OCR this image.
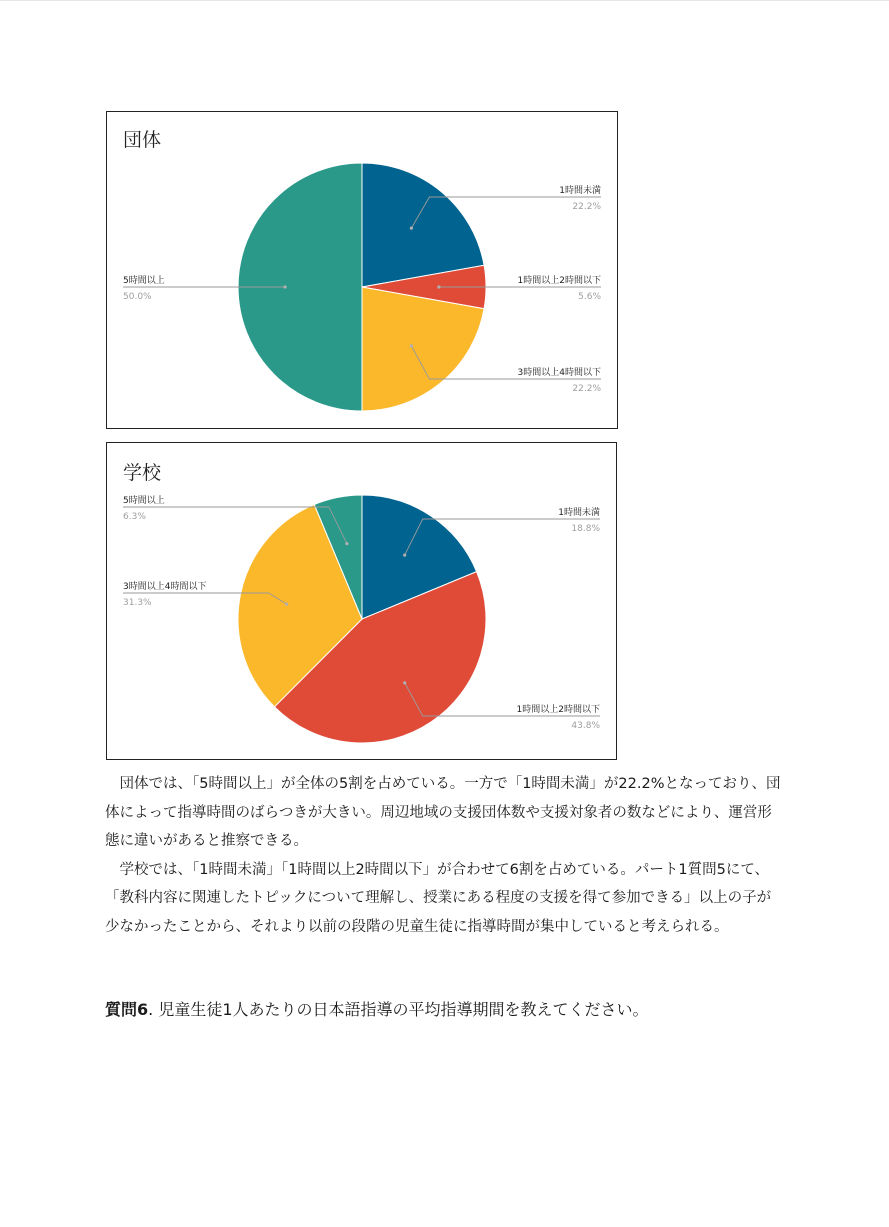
団体
1時間未満
22.2%
1時間以上2時間以下
5.6%
3時間以上4時間以下
22.2%
5時間以上
50.0%
学校
1時間未満
18.8%
1時間以上2時間以下
43.8%
3時間以上4時間以下
31.3%
5時間以上
6.3%

団体では、「5時間以上」が全体の5割を占めている。一方で「1時間未満」が22.2%となっており、団体によって指導時間のばらつきが大きい。周辺地域の支援団体数や支援対象者の数などにより、運営形態に違いがあると推察できる。

学校では、「1時間未満」「1時間以上2時間以下」が合わせて6割を占めている。パート1質問5にて、「教科内容に関連したトピックについて理解し、授業にある程度の支援を得て参加できる」以上の子が少なかったことから、それより以前の段階の児童生徒に指導時間が集中していると考えられる。

質問6. 児童生徒1人あたりの日本語指導の平均指導期間を教えてください。
